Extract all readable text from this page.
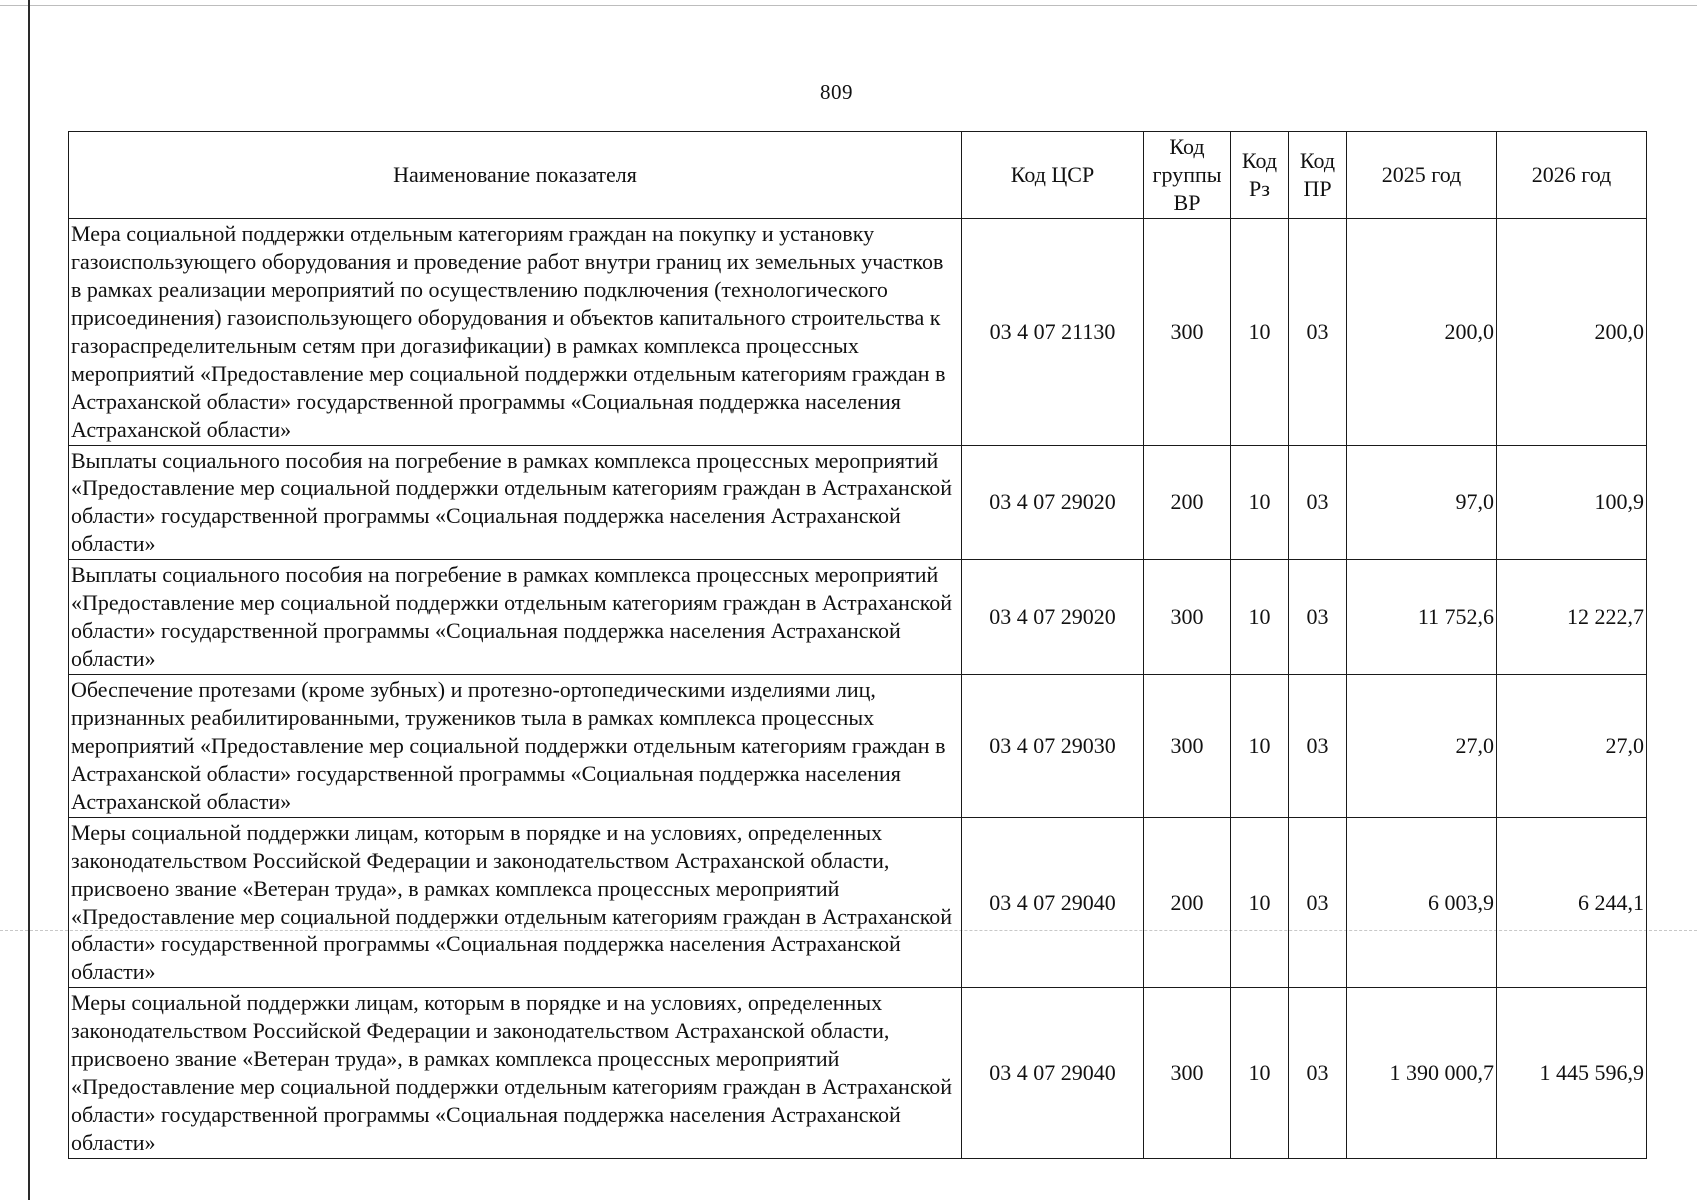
809
Наименование показателя	Код ЦСР	Код группы ВР	Код Рз	Код ПР	2025 год	2026 год
Мера социальной поддержки отдельным категориям граждан на покупку и установку газоиспользующего оборудования и проведение работ внутри границ их земельных участков в рамках реализации мероприятий по осуществлению подключения (технологического присоединения) газоиспользующего оборудования и объектов капитального строительства к газораспределительным сетям при догазификации) в рамках комплекса процессных мероприятий «Предоставление мер социальной поддержки отдельным категориям граждан в Астраханской области» государственной программы «Социальная поддержка населения Астраханской области»	03 4 07 21130	300	10	03	200,0	200,0
Выплаты социального пособия на погребение в рамках комплекса процессных мероприятий «Предоставление мер социальной поддержки отдельным категориям граждан в Астраханской области» государственной программы «Социальная поддержка населения Астраханской области»	03 4 07 29020	200	10	03	97,0	100,9
Выплаты социального пособия на погребение в рамках комплекса процессных мероприятий «Предоставление мер социальной поддержки отдельным категориям граждан в Астраханской области» государственной программы «Социальная поддержка населения Астраханской области»	03 4 07 29020	300	10	03	11 752,6	12 222,7
Обеспечение протезами (кроме зубных) и протезно-ортопедическими изделиями лиц, признанных реабилитированными, тружеников тыла в рамках комплекса процессных мероприятий «Предоставление мер социальной поддержки отдельным категориям граждан в Астраханской области» государственной программы «Социальная поддержка населения Астраханской области»	03 4 07 29030	300	10	03	27,0	27,0
Меры социальной поддержки лицам, которым в порядке и на условиях, определенных законодательством Российской Федерации и законодательством Астраханской области, присвоено звание «Ветеран труда», в рамках комплекса процессных мероприятий «Предоставление мер социальной поддержки отдельным категориям граждан в Астраханской области» государственной программы «Социальная поддержка населения Астраханской области»	03 4 07 29040	200	10	03	6 003,9	6 244,1
Меры социальной поддержки лицам, которым в порядке и на условиях, определенных законодательством Российской Федерации и законодательством Астраханской области, присвоено звание «Ветеран труда», в рамках комплекса процессных мероприятий «Предоставление мер социальной поддержки отдельным категориям граждан в Астраханской области» государственной программы «Социальная поддержка населения Астраханской области»	03 4 07 29040	300	10	03	1 390 000,7	1 445 596,9
